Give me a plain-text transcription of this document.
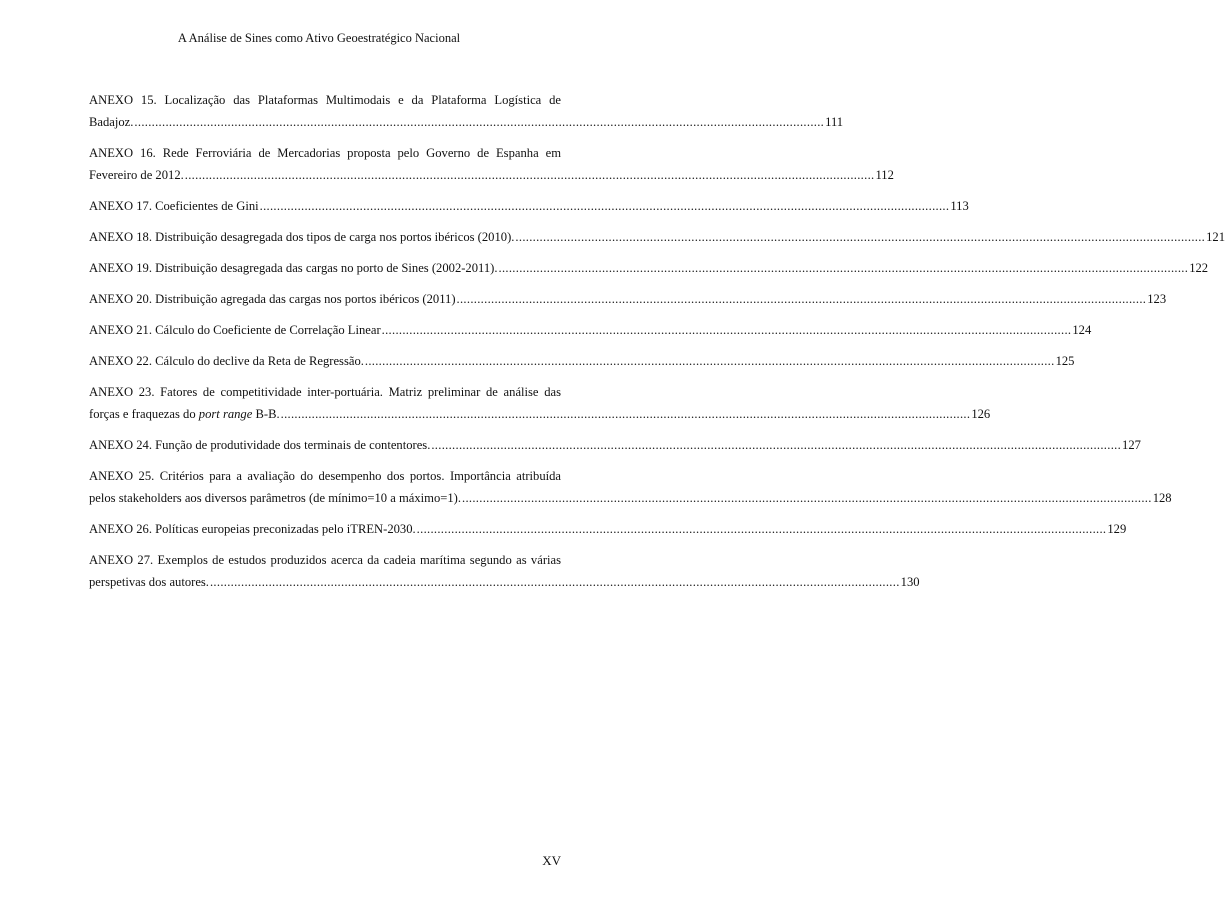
A Análise de Sines como Ativo Geoestratégico Nacional
ANEXO 15. Localização das Plataformas Multimodais e da Plataforma Logística de
Badajoz. ........................................................................................................................................................................................................ 111
ANEXO 16. Rede Ferroviária de Mercadorias proposta pelo Governo de Espanha em
Fevereiro de 2012. ........................................................................................................................................................................................................ 112
ANEXO 17. Coeficientes de Gini ........................................................................................................................................................................................................ 113
ANEXO 18. Distribuição desagregada dos tipos de carga nos portos ibéricos (2010). ........................................................................................................................................................................................................ 121
ANEXO 19. Distribuição desagregada das cargas no porto de Sines (2002-2011). ........................................................................................................................................................................................................ 122
ANEXO 20. Distribuição agregada das cargas nos portos ibéricos (2011) ........................................................................................................................................................................................................ 123
ANEXO 21. Cálculo do Coeficiente de Correlação Linear ........................................................................................................................................................................................................ 124
ANEXO 22. Cálculo do declive da Reta de Regressão. ........................................................................................................................................................................................................ 125
ANEXO 23. Fatores de competitividade inter-portuária. Matriz preliminar de análise das
forças e fraquezas do port range B-B. ........................................................................................................................................................................................................ 126
ANEXO 24. Função de produtividade dos terminais de contentores. ........................................................................................................................................................................................................ 127
ANEXO 25. Critérios para a avaliação do desempenho dos portos. Importância atribuída
pelos stakeholders aos diversos parâmetros (de mínimo=10 a máximo=1). ........................................................................................................................................................................................................ 128
ANEXO 26. Políticas europeias preconizadas pelo iTREN-2030. ........................................................................................................................................................................................................ 129
ANEXO 27. Exemplos de estudos produzidos acerca da cadeia marítima segundo as várias
perspetivas dos autores. ........................................................................................................................................................................................................ 130
XV
